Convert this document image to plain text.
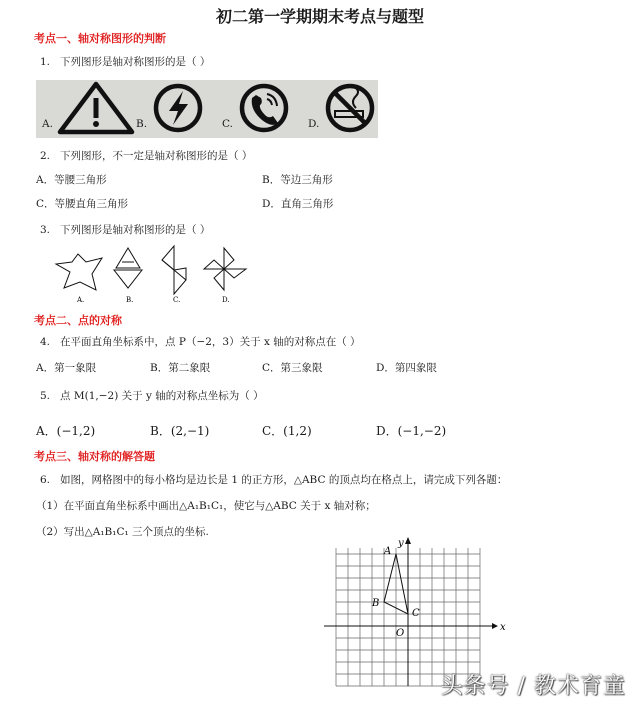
初二第一学期期末考点与题型
考点一、轴对称图形的判断
1. 下列图形是轴对称图形的是（ ）
A.	B.	C.	D.
2. 下列图形，不一定是轴对称图形的是（ ）
A．等腰三角形	B．等边三角形
C．等腰直角三角形	D．直角三角形
3. 下列图形是轴对称图形的是（ ）
A.	B.	C.	D.
考点二、点的对称
4. 在平面直角坐标系中，点 P（−2，3）关于 x 轴的对称点在（ ）
A．第一象限	B．第二象限	C．第三象限	D．第四象限
5. 点 M(1,−2) 关于 y 轴的对称点坐标为（ ）
A．(−1,2)	B．(2,−1)	C．(1,2)	D．(−1,−2)
考点三、轴对称的解答题
6. 如图，网格图中的每小格均是边长是 1 的正方形，△ABC 的顶点均在格点上，请完成下列各题：
（1）在平面直角坐标系中画出△A₁B₁C₁，使它与△ABC 关于 x 轴对称；
（2）写出△A₁B₁C₁ 三个顶点的坐标.
x
y
O
A
B
C
头条号 / 教术育童
